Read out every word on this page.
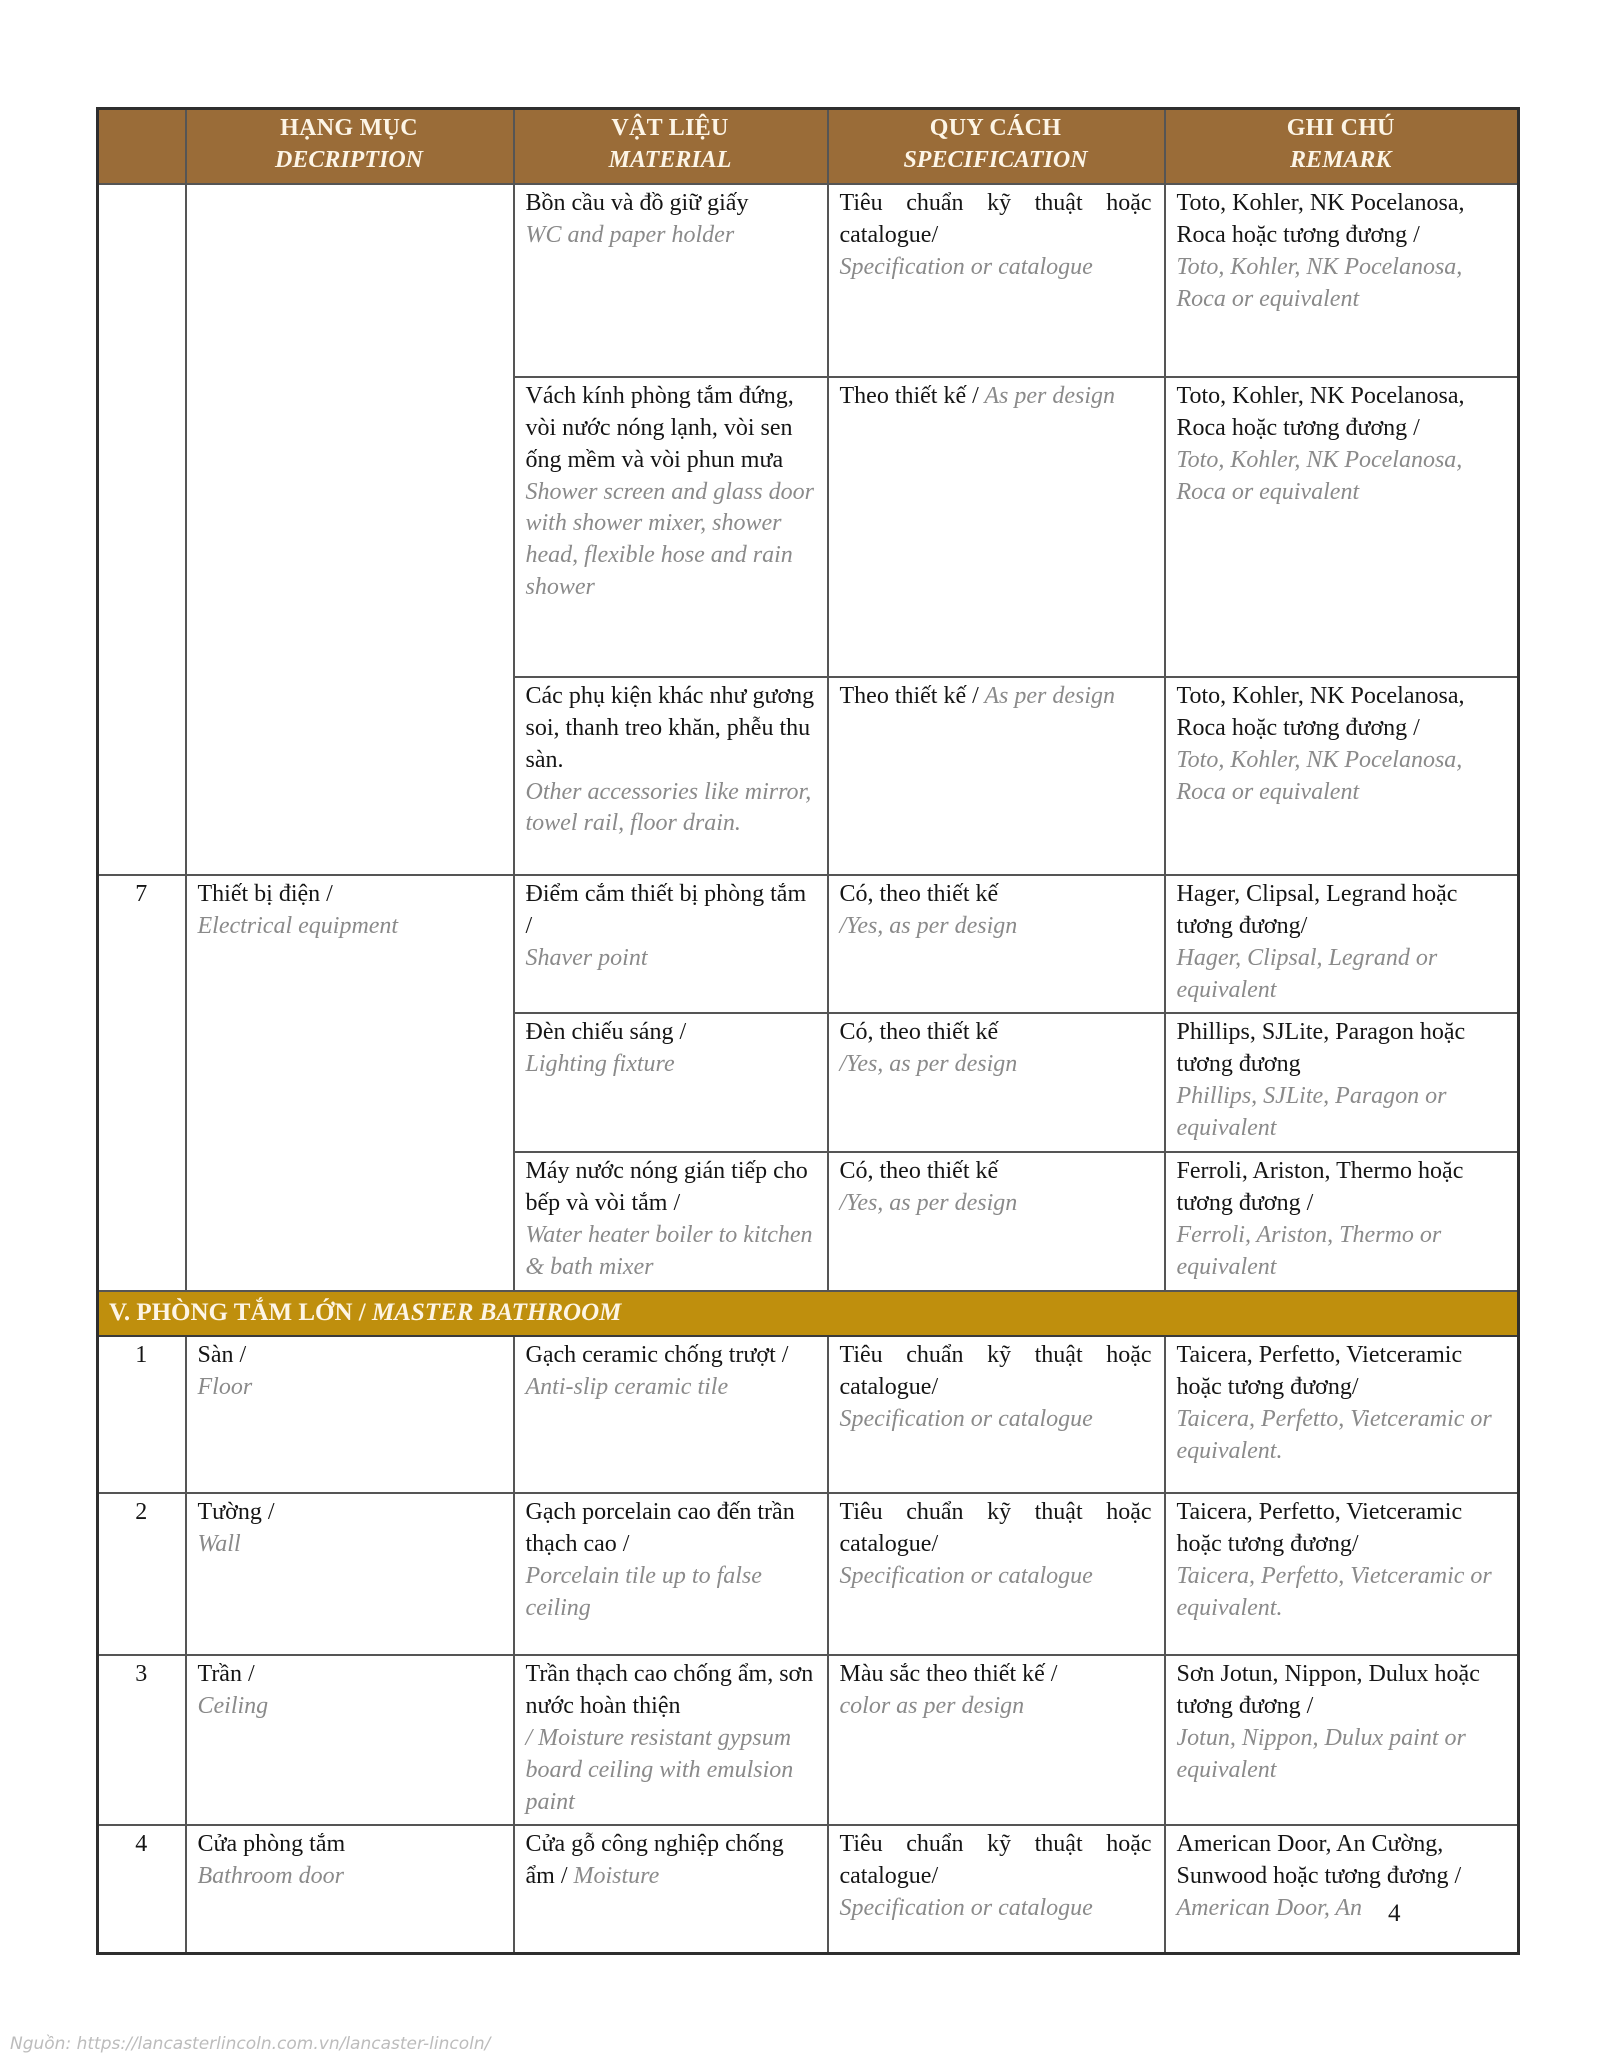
	HẠNG MỤC
DECRIPTION	VẬT LIỆU
MATERIAL	QUY CÁCH
SPECIFICATION	GHI CHÚ
REMARK

		Bồn cầu và đồ giữ giấy
WC and paper holder	Tiêu chuẩn kỹ thuật hoặc catalogue/
Specification or catalogue	Toto, Kohler, NK Pocelanosa, Roca hoặc tương đương /
Toto, Kohler, NK Pocelanosa, Roca or equivalent

		Vách kính phòng tắm đứng, vòi nước nóng lạnh, vòi sen ống mềm và vòi phun mưa
Shower screen and glass door with shower mixer, shower head, flexible hose and rain shower	Theo thiết kế / As per design	Toto, Kohler, NK Pocelanosa, Roca hoặc tương đương /
Toto, Kohler, NK Pocelanosa, Roca or equivalent

		Các phụ kiện khác như gương soi, thanh treo khăn, phễu thu sàn.
Other accessories like mirror, towel rail, floor drain.	Theo thiết kế / As per design	Toto, Kohler, NK Pocelanosa, Roca hoặc tương đương /
Toto, Kohler, NK Pocelanosa, Roca or equivalent

7	Thiết bị điện /
Electrical equipment	Điểm cắm thiết bị phòng tắm /
Shaver point	Có, theo thiết kế
/Yes, as per design	Hager, Clipsal, Legrand hoặc tương đương/
Hager, Clipsal, Legrand or equivalent

		Đèn chiếu sáng /
Lighting fixture	Có, theo thiết kế
/Yes, as per design	Phillips, SJLite, Paragon hoặc tương đương
Phillips, SJLite, Paragon or equivalent

		Máy nước nóng gián tiếp cho bếp và vòi tắm /
Water heater boiler to kitchen & bath mixer	Có, theo thiết kế
/Yes, as per design	Ferroli, Ariston, Thermo hoặc tương đương /
Ferroli, Ariston, Thermo or equivalent

V. PHÒNG TẮM LỚN / MASTER BATHROOM				
1	Sàn /
Floor	Gạch ceramic chống trượt / Anti-slip ceramic tile	Tiêu chuẩn kỹ thuật hoặc catalogue/
Specification or catalogue	Taicera, Perfetto, Vietceramic hoặc tương đương/
Taicera, Perfetto, Vietceramic or equivalent.

2	Tường /
Wall	Gạch porcelain cao đến trần thạch cao /
Porcelain tile up to false ceiling	Tiêu chuẩn kỹ thuật hoặc catalogue/
Specification or catalogue	Taicera, Perfetto, Vietceramic hoặc tương đương/
Taicera, Perfetto, Vietceramic or equivalent.

3	Trần /
Ceiling	Trần thạch cao chống ẩm, sơn nước hoàn thiện
/ Moisture resistant gypsum board ceiling with emulsion paint	Màu sắc theo thiết kế /
color as per design	Sơn Jotun, Nippon, Dulux hoặc tương đương /
Jotun, Nippon, Dulux paint or equivalent

4	Cửa phòng tắm
Bathroom door	Cửa gỗ công nghiệp chống ẩm / Moisture	Tiêu chuẩn kỹ thuật hoặc catalogue/
Specification or catalogue	American Door, An Cường, Sunwood hoặc tương đương / American Door, An 4
Nguồn: https://lancasterlincoln.com.vn/lancaster-lincoln/
